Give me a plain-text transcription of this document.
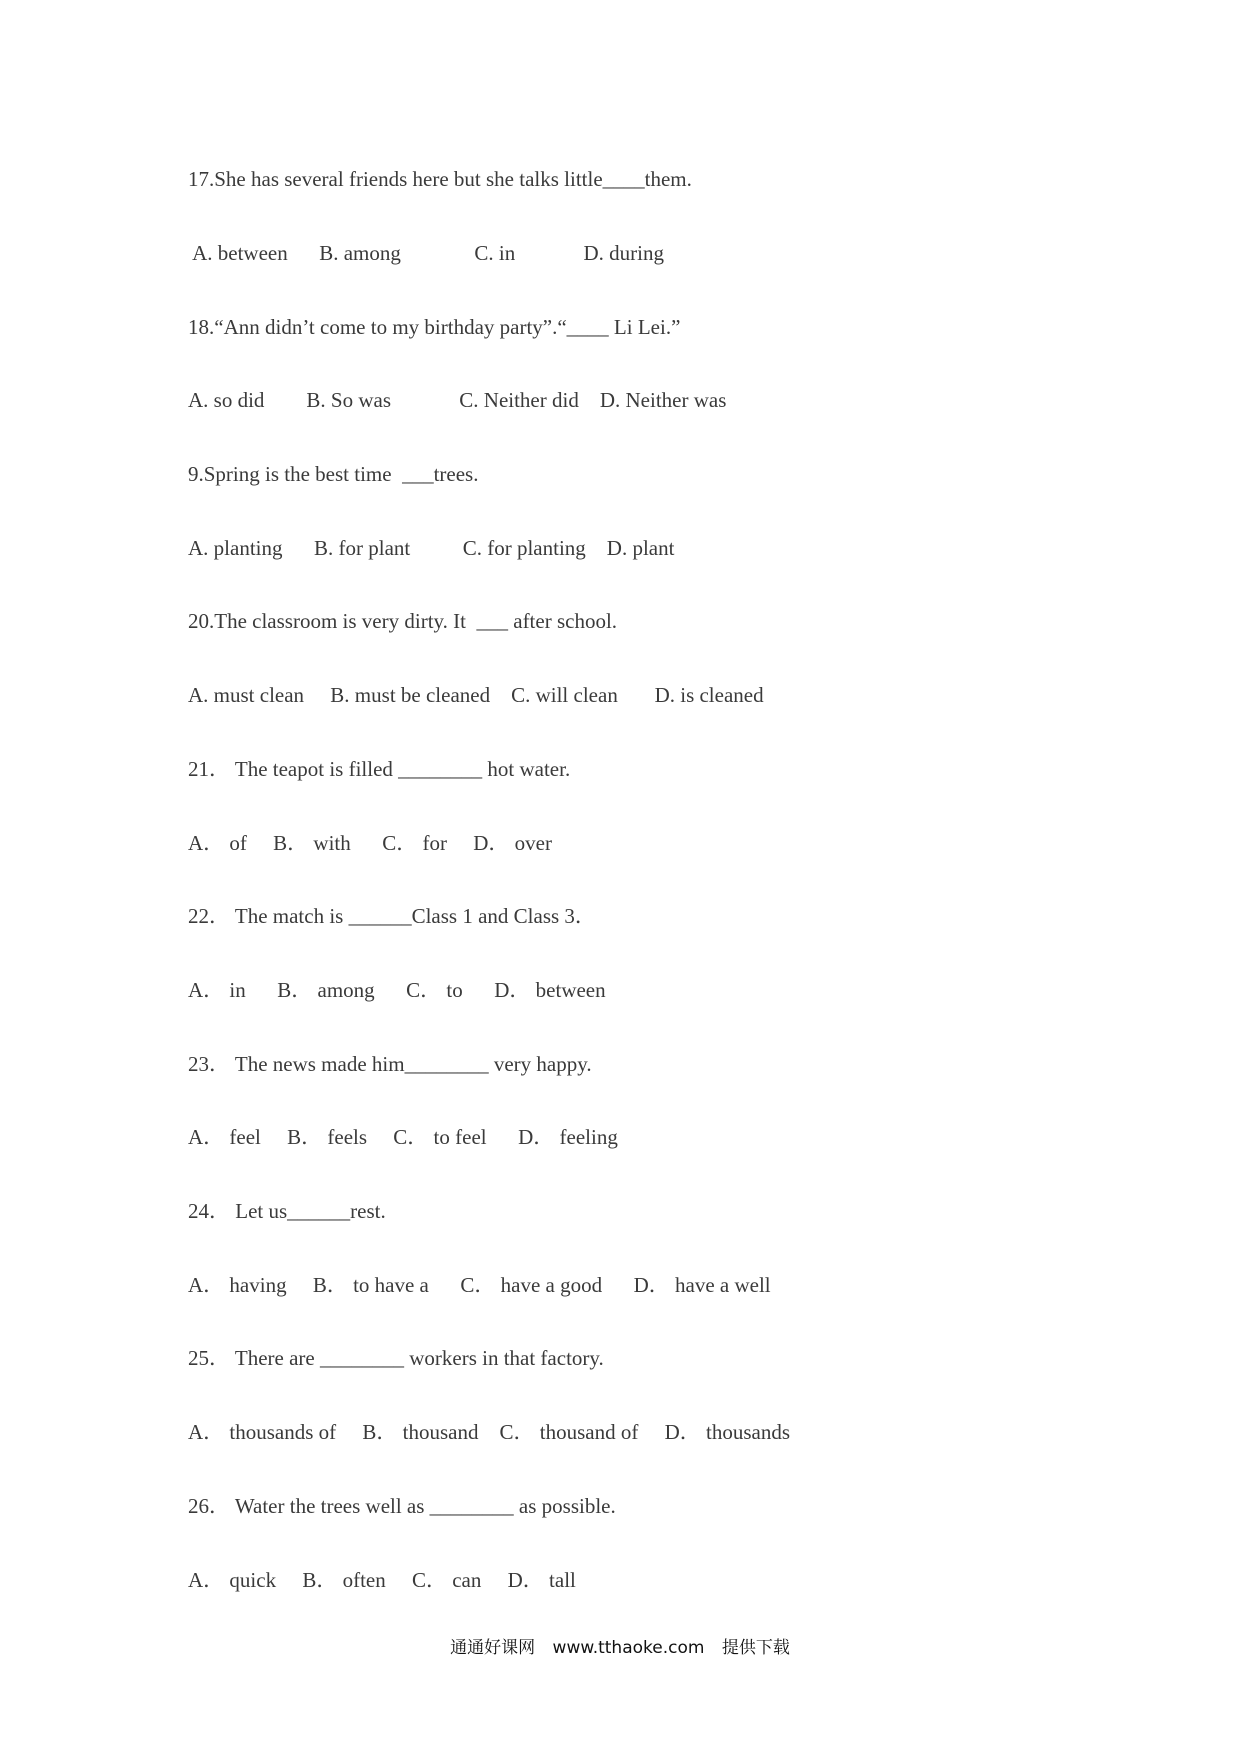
17.She has several friends here but she talks little____them.
A. between      B. among              C. in             D. during
18.“Ann didn’t come to my birthday party”.“____ Li Lei.”
A. so did        B. So was             C. Neither did    D. Neither was
9.Spring is the best time  ___trees.
A. planting      B. for plant          C. for planting    D. plant
20.The classroom is very dirty. It  ___ after school.
A. must clean     B. must be cleaned    C. will clean       D. is cleaned
21． The teapot is filled ________ hot water.
A． of     B． with      C． for     D． over
22． The match is ______Class 1 and Class 3．
A． in      B． among      C． to      D． between
23． The news made him________ very happy.
A． feel     B． feels     C． to feel      D． feeling
24． Let us______rest.
A． having     B． to have a      C． have a good      D． have a well
25． There are ________ workers in that factory.
A． thousands of     B． thousand    C． thousand of     D． thousands
26． Water the trees well as ________ as possible.
A． quick     B． often     C． can     D． tall
通通好课网 www.tthaoke.com 提供下载
